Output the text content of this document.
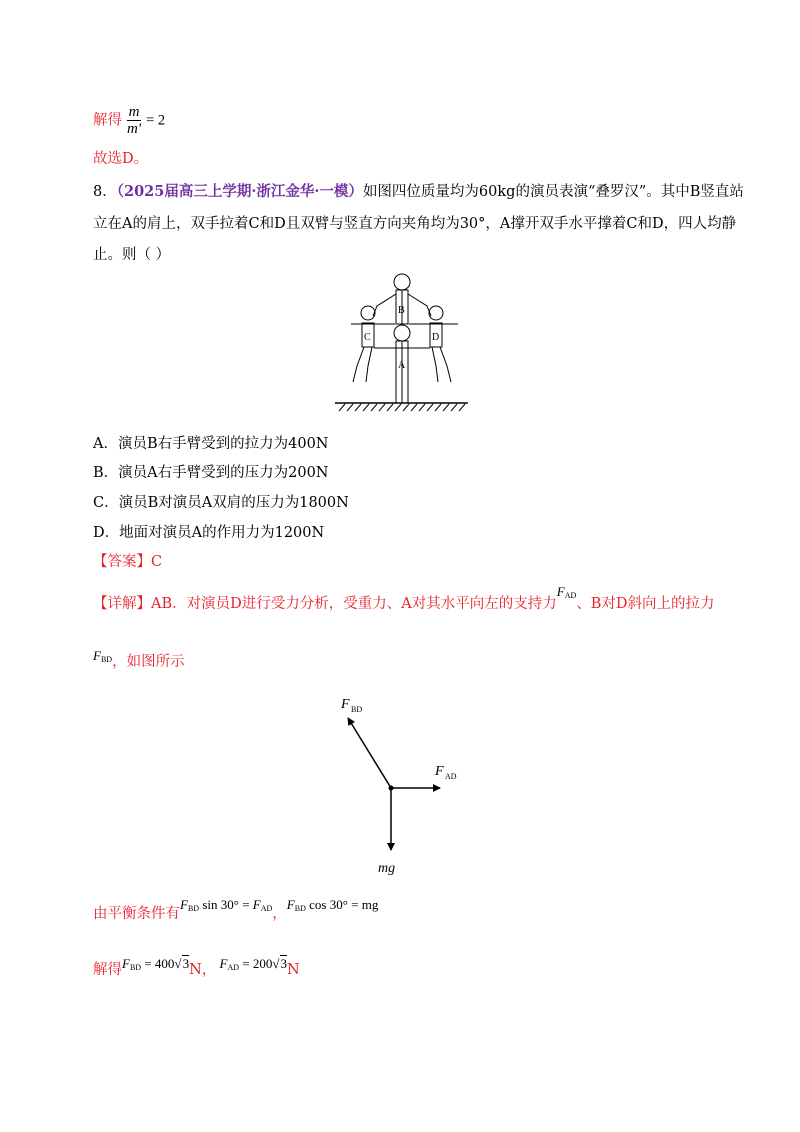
解得 $\frac{m}{m'} = 2$
故选D。
8．（2025届高三上学期·浙江金华·一模）如图四位质量均为60kg的演员表演“叠罗汉”。其中B竖直站
立在A的肩上，双手拉着C和D且双臂与竖直方向夹角均为30°，A撑开双手水平撑着C和D，四人均静
止。则（ ）
B
C	D
A
A．演员B右手臂受到的拉力为400N
B．演员A右手臂受到的压力为200N
C．演员B对演员A双肩的压力为1800N
D．地面对演员A的作用力为1200N
【答案】C
【详解】AB．对演员D进行受力分析，受重力、A对其水平向左的支持力$F_{AD}$、B对D斜向上的拉力
$F_{BD}$，如图所示
F BD
F AD
mg
由平衡条件有$F_{BD}$ $\sin 30^\circ = F_{AD}$，$F_{BD}$ cos 30° = mg
解得$F_{BD} = 400√3N$， $F_{AD} = 200√3N$
